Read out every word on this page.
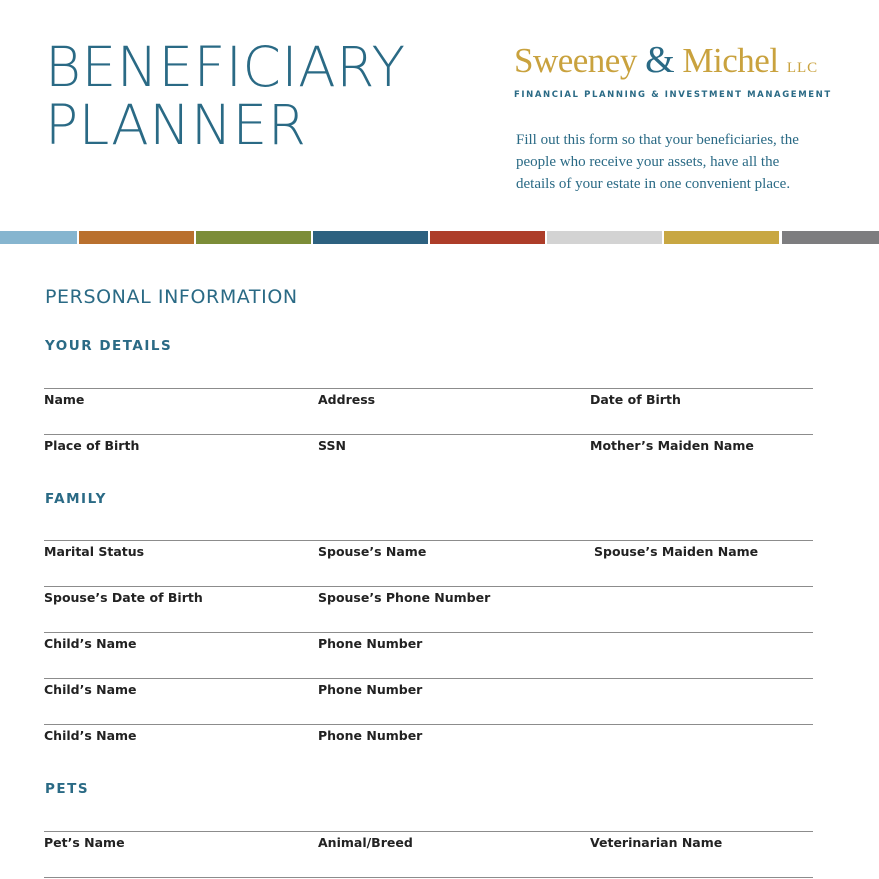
BENEFICIARY
PLANNER
Sweeney & Michel LLC
FINANCIAL PLANNING & INVESTMENT MANAGEMENT

Fill out this form so that your beneficiaries, the people who receive your assets, have all the details of your estate in one convenient place.

PERSONAL INFORMATION
YOUR DETAILS
Name	Address	Date of Birth
Place of Birth	SSN	Mother’s Maiden Name
FAMILY
Marital Status	Spouse’s Name	Spouse’s Maiden Name
Spouse’s Date of Birth	Spouse’s Phone Number
Child’s Name	Phone Number
Child’s Name	Phone Number
Child’s Name	Phone Number
PETS
Pet’s Name	Animal/Breed	Veterinarian Name
